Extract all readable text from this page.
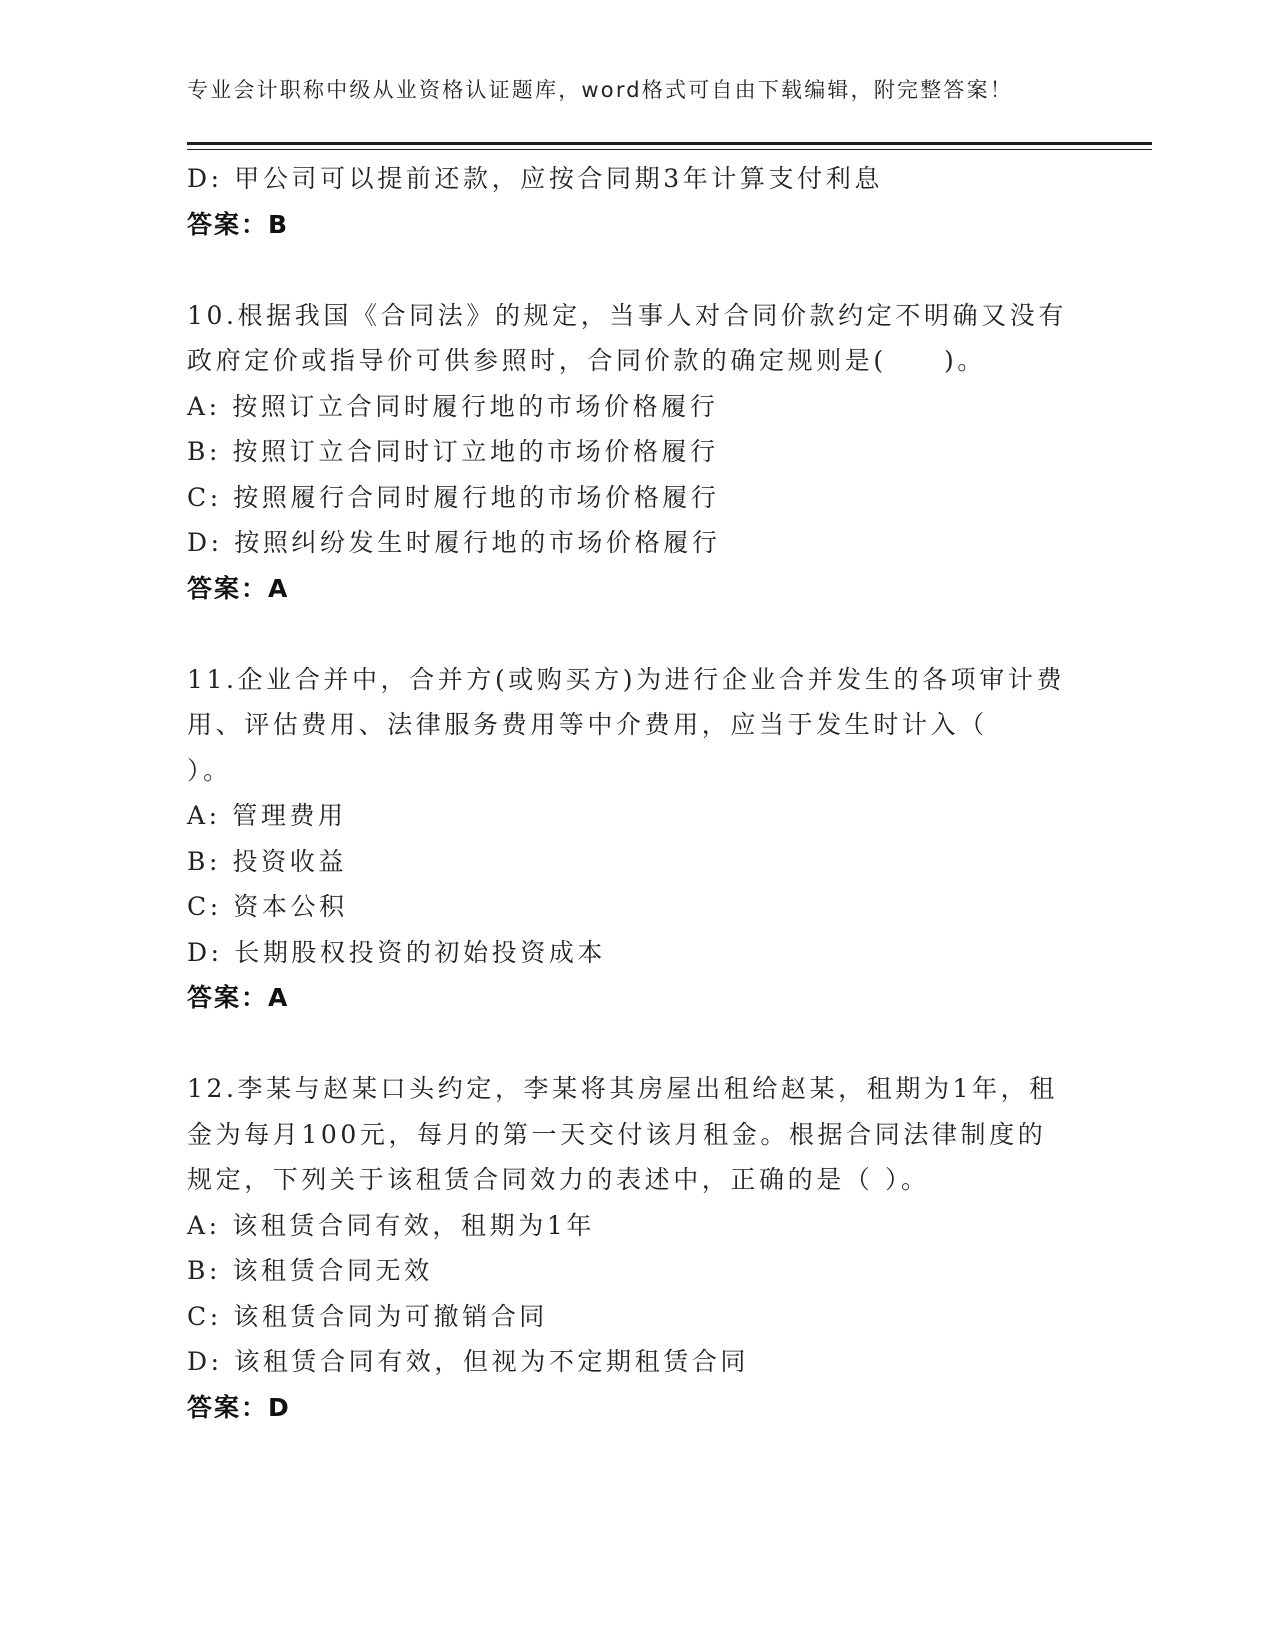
专业会计职称中级从业资格认证题库，word格式可自由下载编辑，附完整答案！
D: 甲公司可以提前还款，应按合同期3年计算支付利息
答案：B
10.根据我国《合同法》的规定，当事人对合同价款约定不明确又没有
政府定价或指导价可供参照时，合同价款的确定规则是(　　)。
A: 按照订立合同时履行地的市场价格履行
B: 按照订立合同时订立地的市场价格履行
C: 按照履行合同时履行地的市场价格履行
D: 按照纠纷发生时履行地的市场价格履行
答案：A
11.企业合并中，合并方(或购买方)为进行企业合并发生的各项审计费
用、评估费用、法律服务费用等中介费用，应当于发生时计入（
）。
A: 管理费用
B: 投资收益
C: 资本公积
D: 长期股权投资的初始投资成本
答案：A
12.李某与赵某口头约定，李某将其房屋出租给赵某，租期为1年，租
金为每月100元，每月的第一天交付该月租金。根据合同法律制度的
规定，下列关于该租赁合同效力的表述中，正确的是（ ）。
A: 该租赁合同有效，租期为1年
B: 该租赁合同无效
C: 该租赁合同为可撤销合同
D: 该租赁合同有效，但视为不定期租赁合同
答案：D
